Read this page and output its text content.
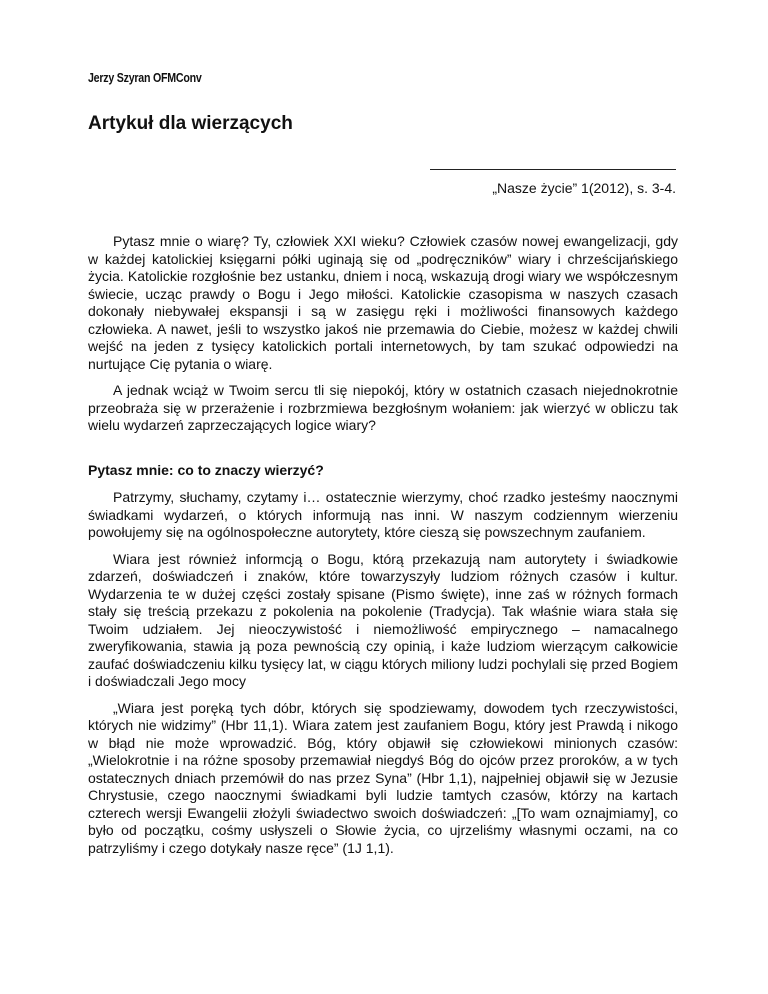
Jerzy Szyran OFMConv
Artykuł dla wierzących
„Nasze życie” 1(2012), s. 3-4.

Pytasz mnie o wiarę? Ty, człowiek XXI wieku? Człowiek czasów nowej ewangelizacji, gdy w każdej katolickiej księgarni półki uginają się od „podręczników” wiary i chrześcijańskiego życia. Katolickie rozgłośnie bez ustanku, dniem i nocą, wskazują drogi wiary we współczesnym świecie, ucząc prawdy o Bogu i Jego miłości. Katolickie czasopisma w naszych czasach dokonały niebywałej ekspansji i są w zasięgu ręki i możliwości finansowych każdego człowieka. A nawet, jeśli to wszystko jakoś nie przemawia do Ciebie, możesz w każdej chwili wejść na jeden z tysięcy katolickich portali internetowych, by tam szukać odpowiedzi na nurtujące Cię pytania o wiarę.

A jednak wciąż w Twoim sercu tli się niepokój, który w ostatnich czasach niejednokrotnie przeobraża się w przerażenie i rozbrzmiewa bezgłośnym wołaniem: jak wierzyć w obliczu tak wielu wydarzeń zaprzeczających logice wiary?

Pytasz mnie: co to znaczy wierzyć?

Patrzymy, słuchamy, czytamy i… ostatecznie wierzymy, choć rzadko jesteśmy naocznymi świadkami wydarzeń, o których informują nas inni. W naszym codziennym wierzeniu powołujemy się na ogólnospołeczne autorytety, które cieszą się powszechnym zaufaniem.

Wiara jest również informcją o Bogu, którą przekazują nam autorytety i świadkowie zdarzeń, doświadczeń i znaków, które towarzyszyły ludziom różnych czasów i kultur. Wydarzenia te w dużej części zostały spisane (Pismo święte), inne zaś w różnych formach stały się treścią przekazu z pokolenia na pokolenie (Tradycja). Tak właśnie wiara stała się Twoim udziałem. Jej nieoczywistość i niemożliwość empirycznego – namacalnego zweryfikowania, stawia ją poza pewnością czy opinią, i każe ludziom wierzącym całkowicie zaufać doświadczeniu kilku tysięcy lat, w ciągu których miliony ludzi pochylali się przed Bogiem i doświadczali Jego mocy

„Wiara jest poręką tych dóbr, których się spodziewamy, dowodem tych rzeczywistości, których nie widzimy” (Hbr 11,1). Wiara zatem jest zaufaniem Bogu, który jest Prawdą i nikogo w błąd nie może wprowadzić. Bóg, który objawił się człowiekowi minionych czasów: „Wielokrotnie i na różne sposoby przemawiał niegdyś Bóg do ojców przez proroków, a w tych ostatecznych dniach przemówił do nas przez Syna” (Hbr 1,1), najpełniej objawił się w Jezusie Chrystusie, czego naocznymi świadkami byli ludzie tamtych czasów, którzy na kartach czterech wersji Ewangelii złożyli świadectwo swoich doświadczeń: „[To wam oznajmiamy], co było od początku, cośmy usłyszeli o Słowie życia, co ujrzeliśmy własnymi oczami, na co patrzyliśmy i czego dotykały nasze ręce” (1J 1,1).
